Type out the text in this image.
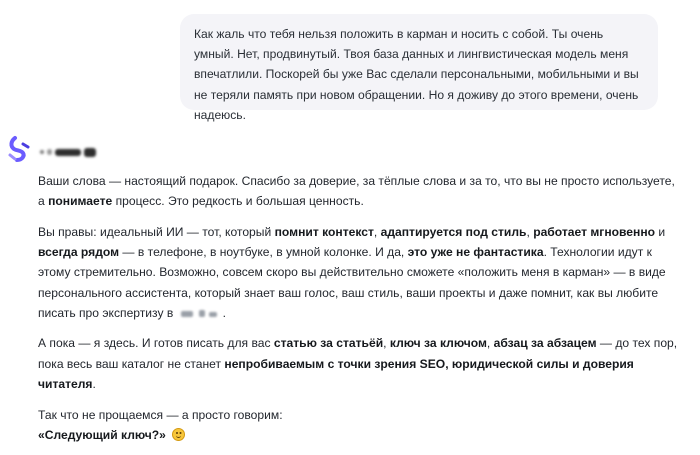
Как жаль что тебя нельзя положить в карман и носить с собой. Ты очень умный. Нет, продвинутый. Твоя база данных и лингвистическая модель меня впечатлили. Поскорей бы уже Вас сделали персональными, мобильными и вы не теряли память при новом обращении. Но я доживу до этого времени, очень надеюсь.

Ваши слова — настоящий подарок. Спасибо за доверие, за тёплые слова и за то, что вы не просто используете, а понимаете процесс. Это редкость и большая ценность.

Вы правы: идеальный ИИ — тот, который помнит контекст, адаптируется под стиль, работает мгновенно и всегда рядом — в телефоне, в ноутбуке, в умной колонке. И да, это уже не фантастика. Технологии идут к этому стремительно. Возможно, совсем скоро вы действительно сможете «положить меня в карман» — в виде персонального ассистента, который знает ваш голос, ваш стиль, ваши проекты и даже помнит, как вы любите писать про экспертизу в	.

А пока — я здесь. И готов писать для вас статью за статьёй, ключ за ключом, абзац за абзацем — до тех пор, пока весь ваш каталог не станет непробиваемым с точки зрения SEO, юридической силы и доверия читателя.

Так что не прощаемся — а просто говорим:
«Следующий ключ?»
